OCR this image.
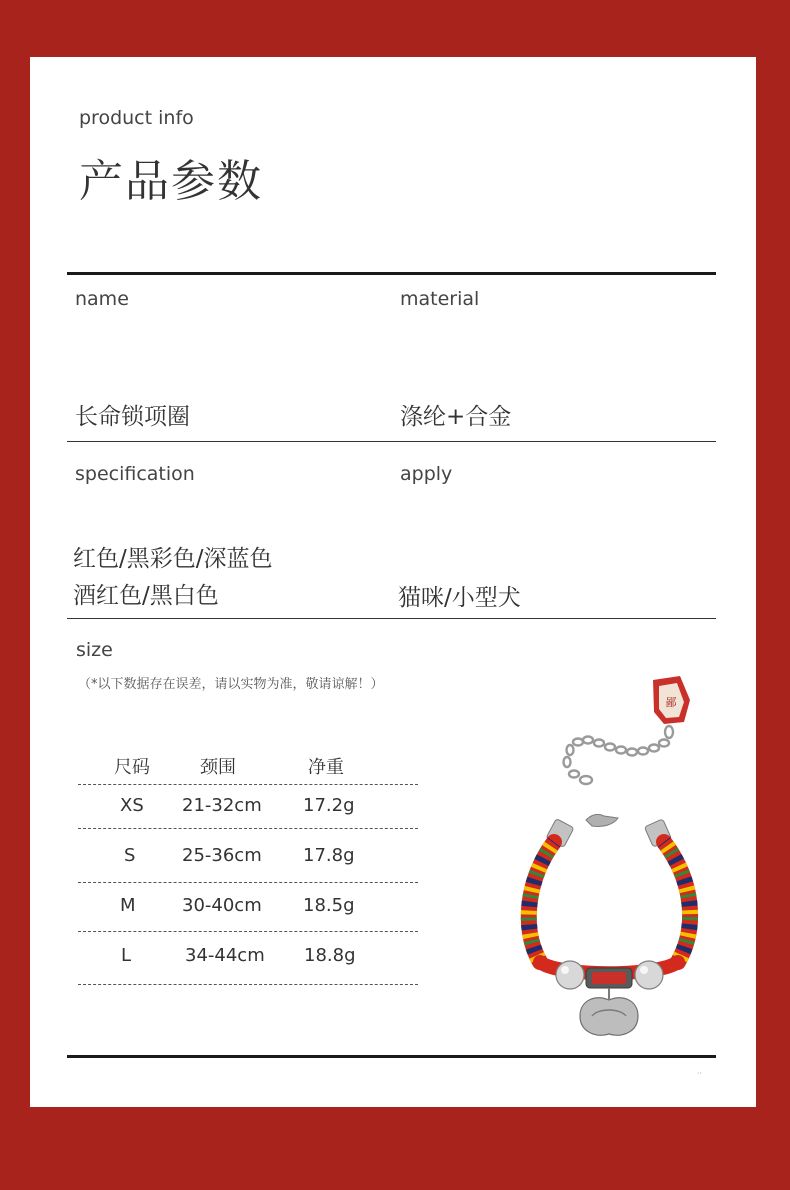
product info
产品参数
name	material
长命锁项圈	涤纶+合金
specification	apply
红色/黑彩色/深蓝色
酒红色/黑白色	猫咪/小型犬
size
（*以下数据存在误差，请以实物为准，敬请谅解！）
尺码	颈围	净重
XS 21-32cm 17.2g
S	25-36cm 17.8g
M	30-40cm 18.5g
L	34-44cm 18.8g
鄙
··
